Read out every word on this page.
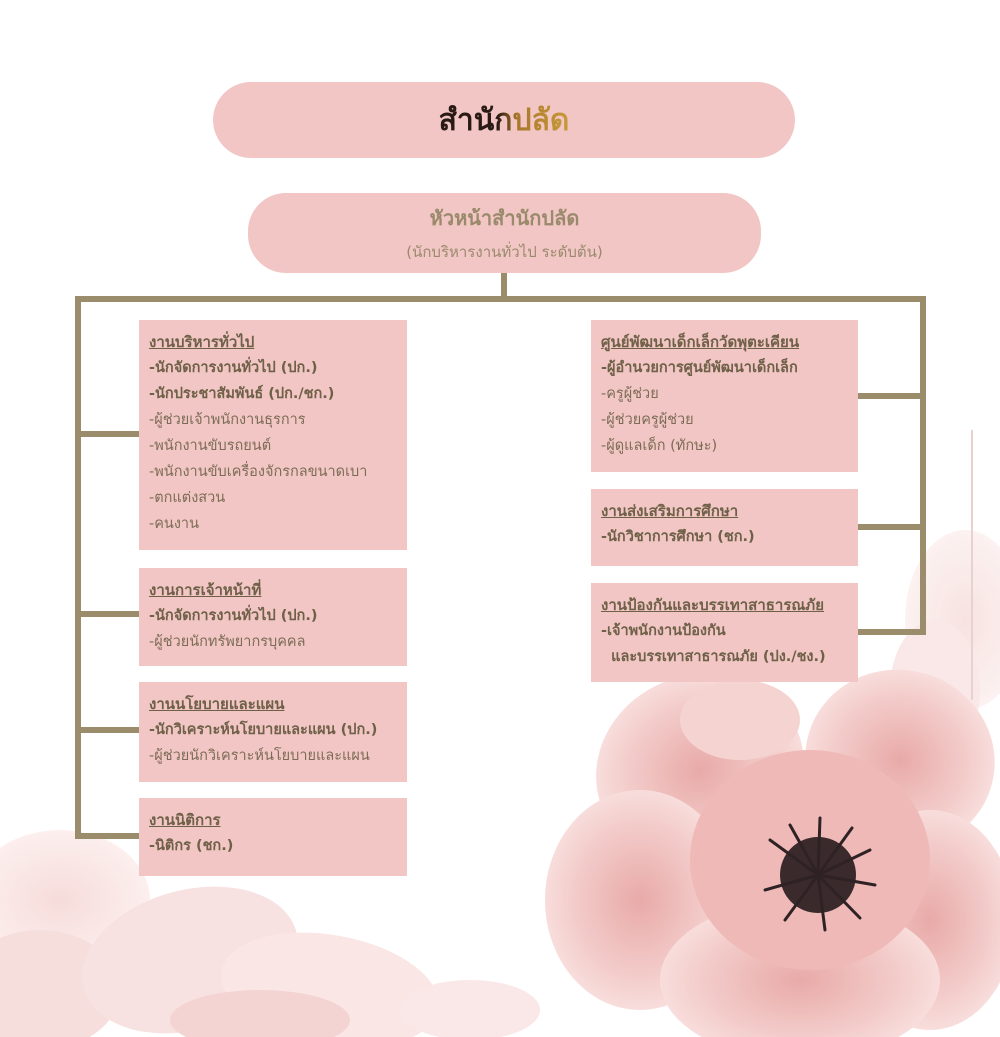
สำนักปลัด
หัวหน้าสำนักปลัด
(นักบริหารงานทั่วไป ระดับต้น)
งานบริหารทั่วไป
-นักจัดการงานทั่วไป (ปก.)
-นักประชาสัมพันธ์ (ปก./ชก.)
-ผู้ช่วยเจ้าพนักงานธุรการ
-พนักงานขับรถยนต์
-พนักงานขับเครื่องจักรกลขนาดเบา
-ตกแต่งสวน
-คนงาน
งานการเจ้าหน้าที่
-นักจัดการงานทั่วไป (ปก.)
-ผู้ช่วยนักทรัพยากรบุคคล
งานนโยบายและแผน
-นักวิเคราะห์นโยบายและแผน (ปก.)
-ผู้ช่วยนักวิเคราะห์นโยบายและแผน
งานนิติการ
-นิติกร (ชก.)
ศูนย์พัฒนาเด็กเล็กวัดพุตะเคียน
-ผู้อำนวยการศูนย์พัฒนาเด็กเล็ก
-ครูผู้ช่วย
-ผู้ช่วยครูผู้ช่วย
-ผู้ดูแลเด็ก (ทักษะ)
งานส่งเสริมการศึกษา
-นักวิชาการศึกษา (ชก.)
งานป้องกันและบรรเทาสาธารณภัย
-เจ้าพนักงานป้องกัน
และบรรเทาสาธารณภัย (ปง./ชง.)
